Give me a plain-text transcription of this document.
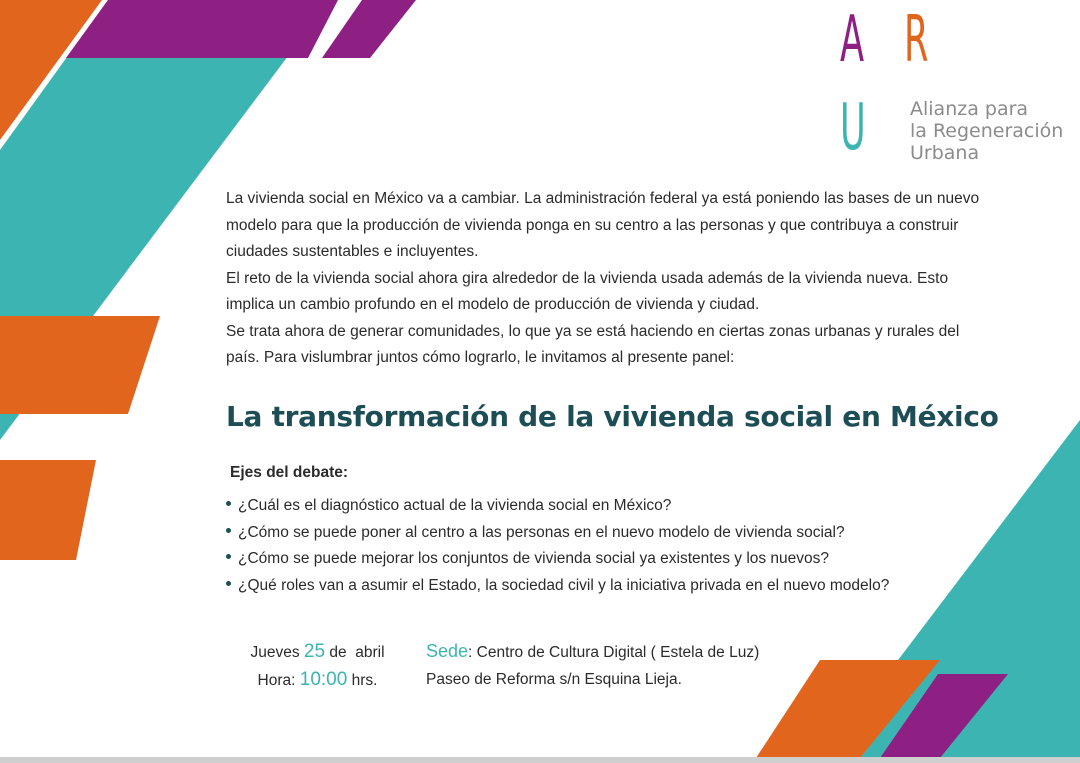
A R
U Alianza para
la Regeneración
Urbana

La vivienda social en México va a cambiar. La administración federal ya está poniendo las bases de un nuevo modelo para que la producción de vivienda ponga en su centro a las personas y que contribuya a construir ciudades sustentables e incluyentes.

El reto de la vivienda social ahora gira alrededor de la vivienda usada además de la vivienda nueva. Esto implica un cambio profundo en el modelo de producción de vivienda y ciudad.

Se trata ahora de generar comunidades, lo que ya se está haciendo en ciertas zonas urbanas y rurales del país. Para vislumbrar juntos cómo lograrlo, le invitamos al presente panel:

La transformación de la vivienda social en México
Ejes del debate:
¿Cuál es el diagnóstico actual de la vivienda social en México?
¿Cómo se puede poner al centro a las personas en el nuevo modelo de vivienda social?
¿Cómo se puede mejorar los conjuntos de vivienda social ya existentes y los nuevos?
¿Qué roles van a asumir el Estado, la sociedad civil y la iniciativa privada en el nuevo modelo?
Jueves 25 de abril
Hora: 10:00 hrs.
Sede: Centro de Cultura Digital ( Estela de Luz)
Paseo de Reforma s/n Esquina Lieja.
